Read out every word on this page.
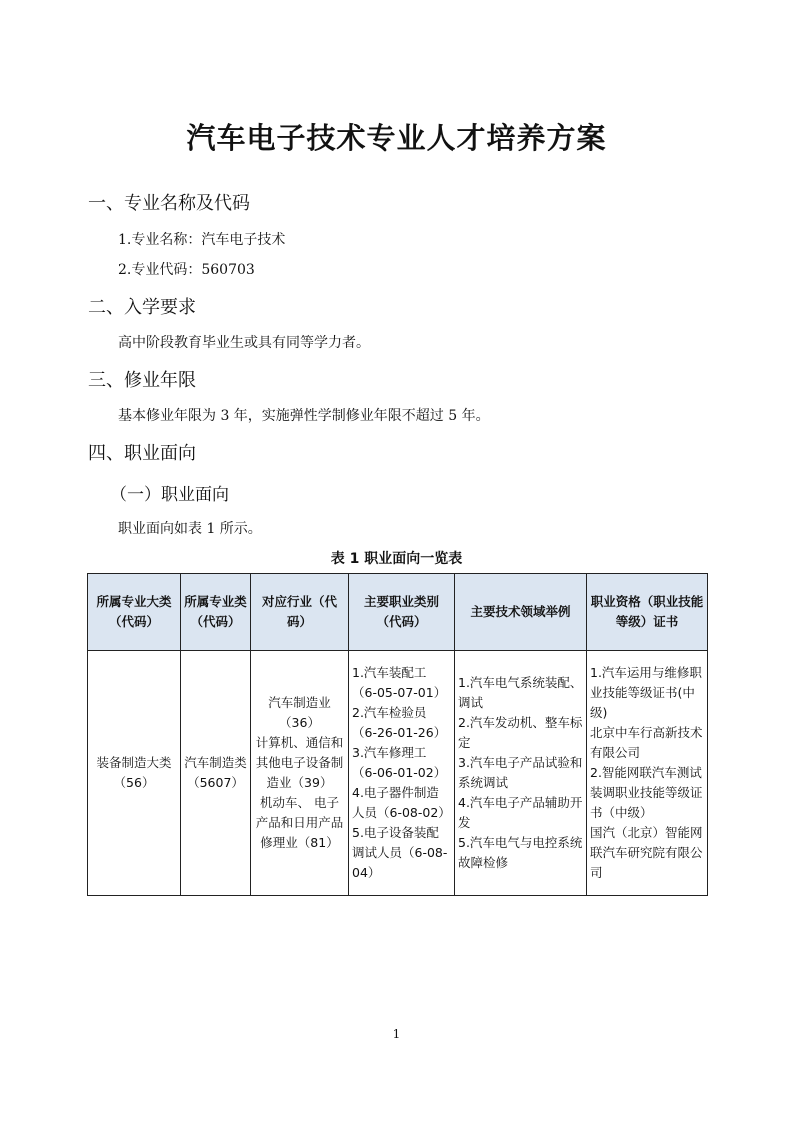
汽车电子技术专业人才培养方案
一、专业名称及代码
1.专业名称：汽车电子技术
2.专业代码：560703
二、入学要求
高中阶段教育毕业生或具有同等学力者。
三、修业年限
基本修业年限为 3 年，实施弹性学制修业年限不超过 5 年。
四、职业面向
（一）职业面向
职业面向如表 1 所示。
表 1 职业面向一览表
所属专业大类（代码）	所属专业类（代码）	对应行业（代码）	主要职业类别（代码）	主要技术领域举例	职业资格（职业技能等级）证书
装备制造大类（56）	汽车制造类（5607）	汽车制造业（36）
计算机、通信和其他电子设备制造业（39）
机动车、 电子产品和日用产品修理业（81）	1.汽车装配工（6-05-07-01）
2.汽车检验员（6-26-01-26）
3.汽车修理工（6-06-01-02）
4.电子器件制造人员（6-08-02）
5.电子设备装配调试人员（6-08-04）	1.汽车电气系统装配、调试
2.汽车发动机、整车标定
3.汽车电子产品试验和系统调试
4.汽车电子产品辅助开发
5.汽车电气与电控系统故障检修	1.汽车运用与维修职业技能等级证书(中级)
北京中车行高新技术有限公司
2.智能网联汽车测试装调职业技能等级证书（中级）
国汽（北京）智能网联汽车研究院有限公司
1
